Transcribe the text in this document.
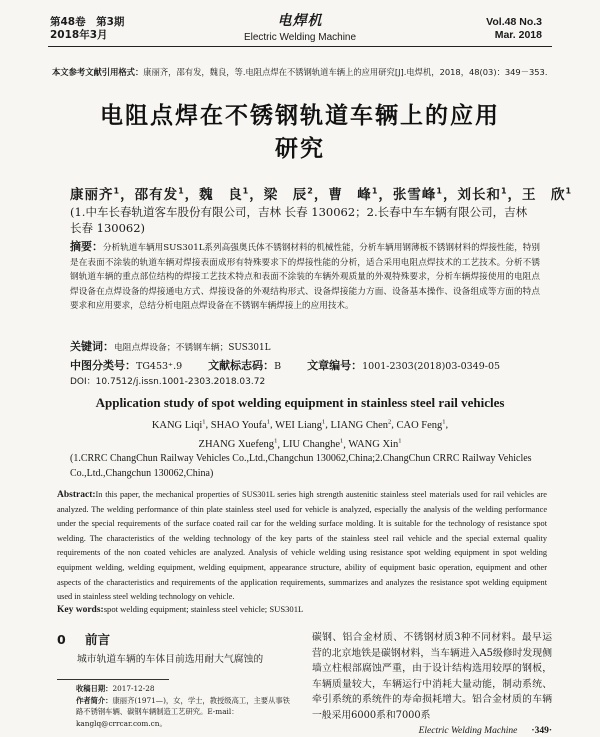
第48卷　第3期
2018年3月
电焊机
Electric Welding Machine
Vol.48 No.3
Mar. 2018
本文参考文献引用格式：康丽齐，邵有发，魏良，等.电阻点焊在不锈钢轨道车辆上的应用研究[J].电焊机，2018，48(03)：349－353.
电阻点焊在不锈钢轨道车辆上的应用研究
康丽齐$^1$，邵有发$^1$，魏　良$^1$，梁　辰$^2$，曹　峰$^1$，张雪峰$^1$，刘长和$^1$，王　欣$^1$
(1.中车长春轨道客车股份有限公司，吉林 长春 130062；2.长春中车车辆有限公司，吉林 长春 130062)
摘要：分析轨道车辆用SUS301L系列高强奥氏体不锈钢材料的机械性能，分析车辆用钢薄板不锈钢材料的焊接性能，特别是在表面不涂装的轨道车辆对焊接表面成形有特殊要求下的焊接性能的分析，适合采用电阻点焊技术的工艺技术。分析不锈钢轨道车辆的重点部位结构的焊接工艺技术特点和表面不涂装的车辆外观质量的外观特殊要求，分析车辆焊接使用的电阻点焊设备在点焊设备的焊接通电方式、焊接设备的外观结构形式、设备焊接能力方面、设备基本操作、设备组成等方面的特点要求和应用要求，总结分析电阻点焊设备在不锈钢车辆焊接上的应用技术。
关键词：电阻点焊设备；不锈钢车辆；SUS301L
中图分类号：TG453⁺.9 文献标志码：B 文章编号：1001-2303(2018)03-0349-05
DOI：10.7512/j.issn.1001-2303.2018.03.72
Application study of spot welding equipment in stainless steel rail vehicles
KANG Liqi$^1$, SHAO Youfa$^1$, WEI Liang$^1$, LIANG Chen$^2$, CAO Feng$^1$,
ZHANG Xuefeng$^1$, LIU Changhe$^1$, WANG Xin$^1$
(1.CRRC ChangChun Railway Vehicles Co.,Ltd.,Changchun 130062,China;2.ChangChun CRRC Railway Vehicles Co.,Ltd.,Changchun 130062,China)
Abstract:In this paper, the mechanical properties of SUS301L series high strength austenitic stainless steel materials used for rail vehicles are analyzed. The welding performance of thin plate stainless steel used for vehicle is analyzed, especially the analysis of the welding performance under the special requirements of the surface coated rail car for the welding surface molding. It is suitable for the technology of resistance spot welding. The characteristics of the welding technology of the key parts of the stainless steel rail vehicle and the special external quality requirements of the non coated vehicles are analyzed. Analysis of vehicle welding using resistance spot welding equipment in spot welding equipment welding, welding equipment, welding equipment, appearance structure, ability of equipment basic operation, equipment and other aspects of the characteristics and requirements of the application requirements, summarizes and analyzes the resistance spot welding equipment used in stainless steel welding technology on vehicle.
Key words:spot welding equipment; stainless steel vehicle; SUS301L
0 前言
城市轨道车辆的车体目前选用耐大气腐蚀的
收稿日期：2017-12-28
作者简介：康丽齐(1971—)，女，学士，教授级高工，主要从事铁路不锈钢车辆、碳钢车辆制造工艺研究。E-mail：kanglq@crrcar.com.cn。
碳钢、铝合金材质、不锈钢材质3种不同材料。最早运营的北京地铁是碳钢材料，当车辆进入A5级修时发现侧墙立柱根部腐蚀严重，由于设计结构选用较厚的钢板，车辆质量较大，车辆运行中消耗大量动能，制动系统、牵引系统的系统件的寿命损耗增大。铝合金材质的车辆一般采用6000系和7000系
Electric Welding Machine ·349·
